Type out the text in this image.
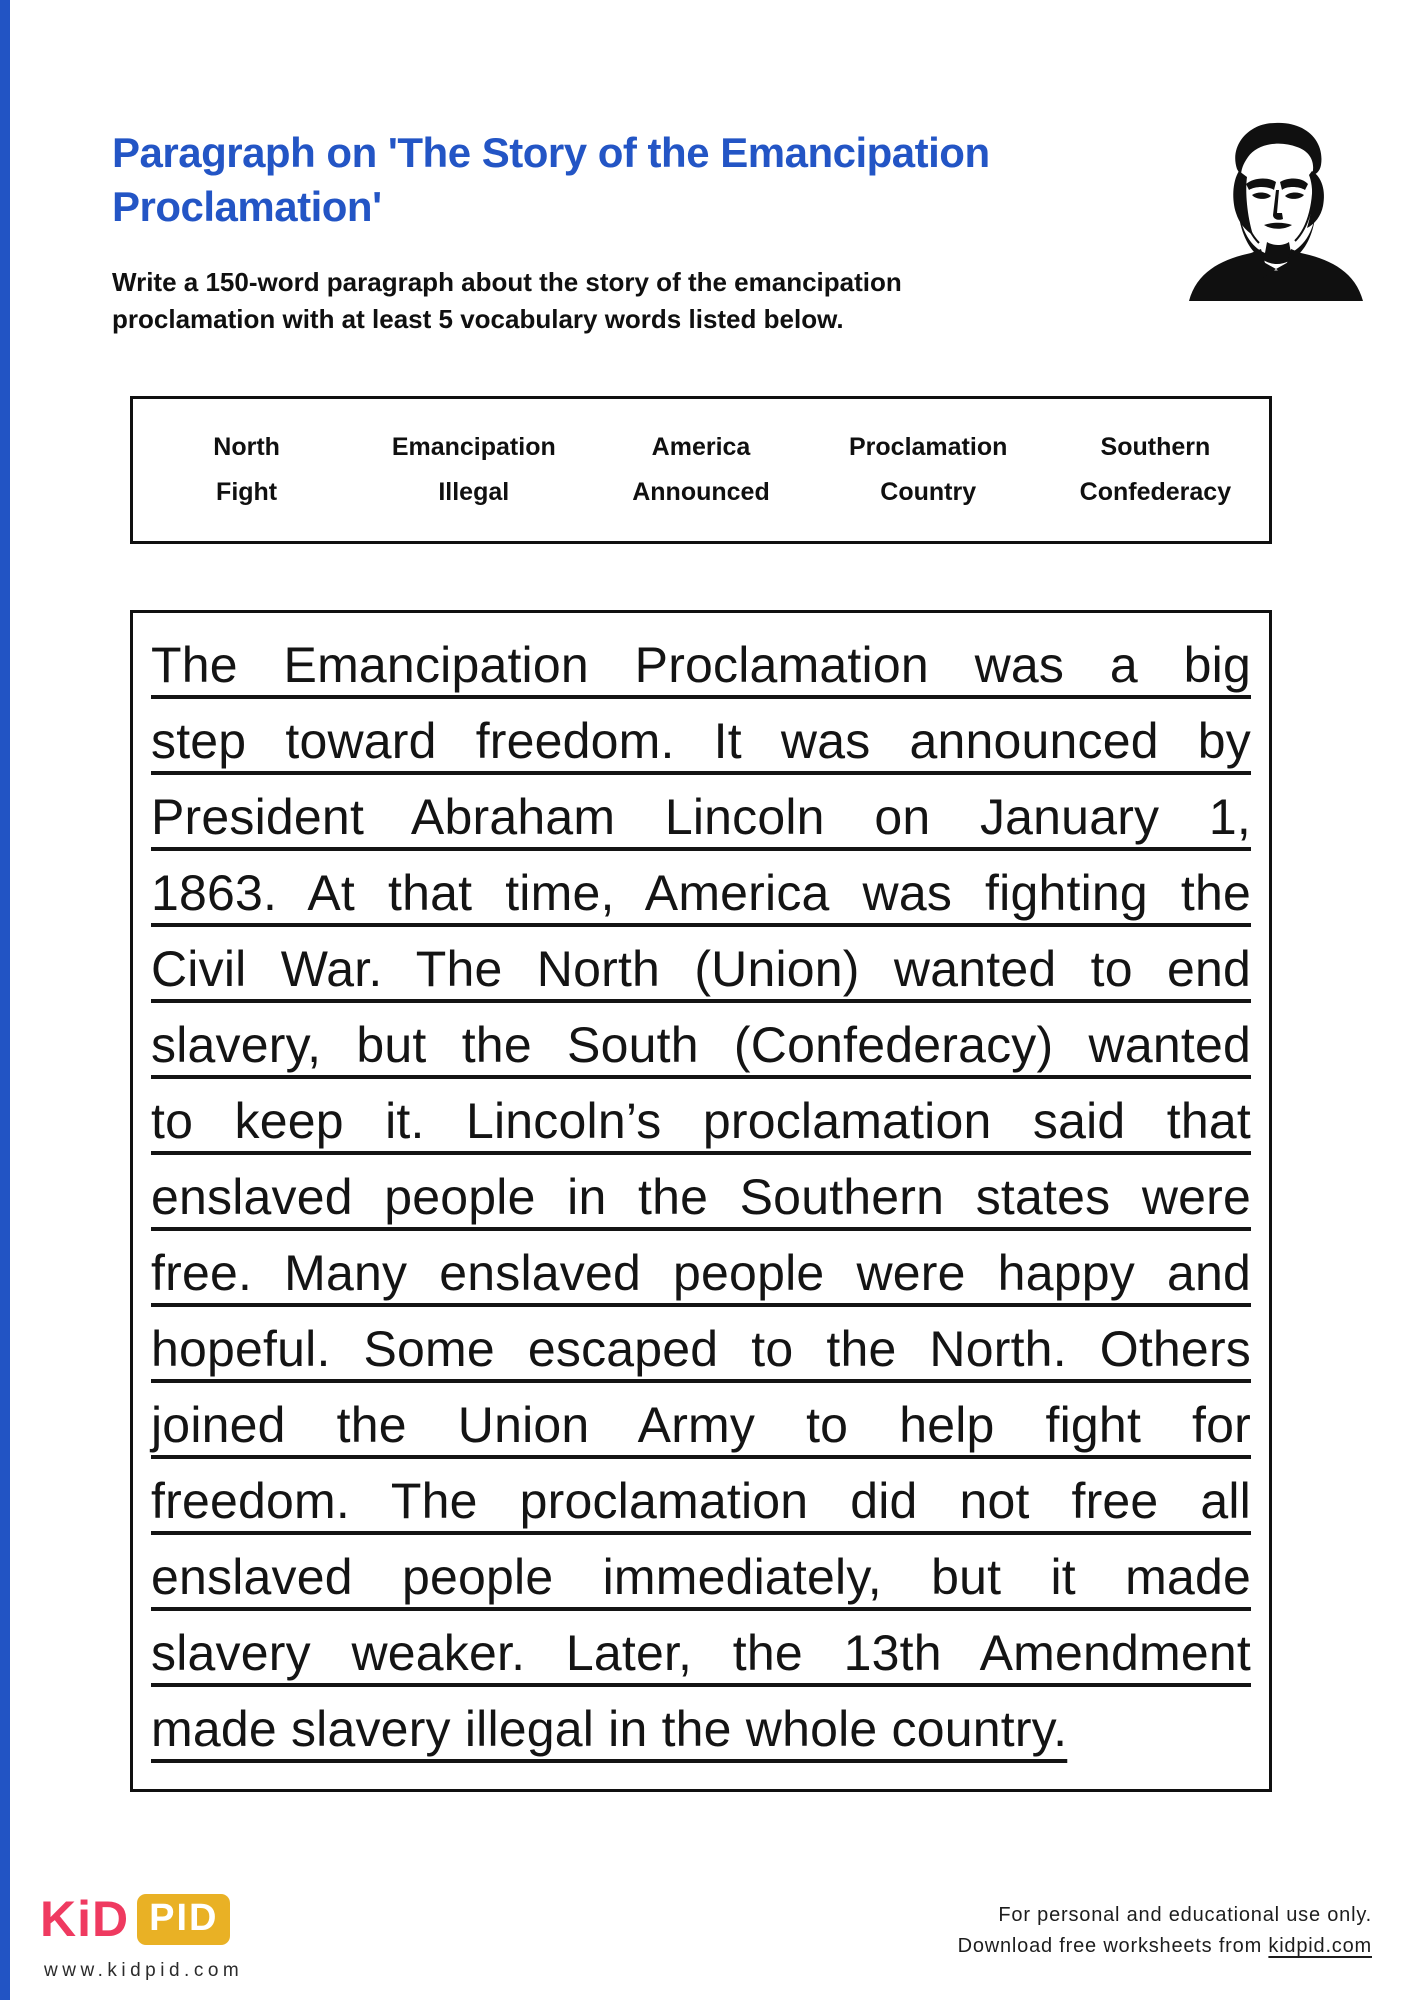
Paragraph on 'The Story of the Emancipation Proclamation'

Write a 150-word paragraph about the story of the emancipation proclamation with at least 5 vocabulary words listed below.

North	Emancipation	America	Proclamation	Southern
Fight	Illegal	Announced	Country	Confederacy
The Emancipation Proclamation was a big
step toward freedom. It was announced by
President Abraham Lincoln on January 1,
1863. At that time, America was fighting the
Civil War. The North (Union) wanted to end
slavery, but the South (Confederacy) wanted
to keep it. Lincoln’s proclamation said that
enslaved people in the Southern states were
free. Many enslaved people were happy and
hopeful. Some escaped to the North. Others
joined the Union Army to help fight for
freedom. The proclamation did not free all
enslaved people immediately, but it made
slavery weaker. Later, the 13th Amendment
made slavery illegal in the whole country.
KiD PID
www.kidpid.com
For personal and educational use only.
Download free worksheets from kidpid.com
